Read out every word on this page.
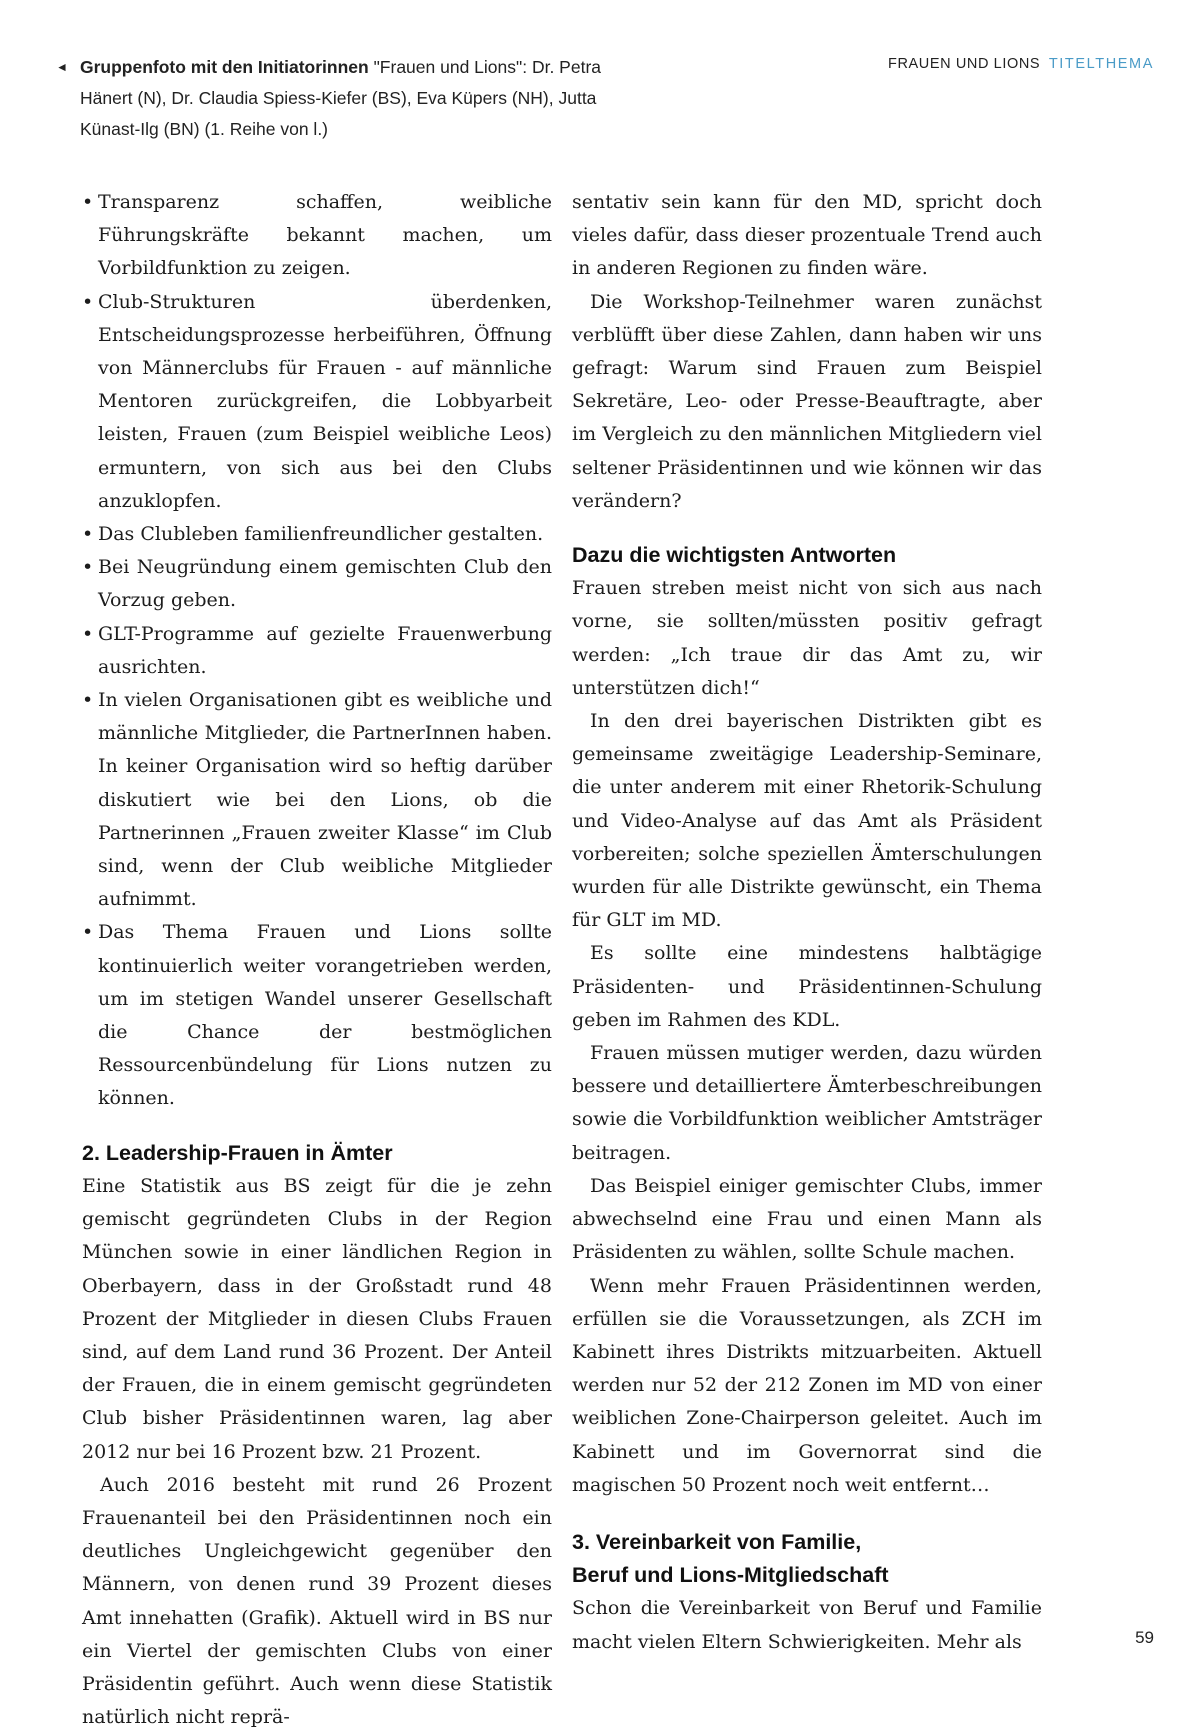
◄ Gruppenfoto mit den Initiatorinnen "Frauen und Lions": Dr. Petra Hänert (N), Dr. Claudia Spiess-Kiefer (BS), Eva Küpers (NH), Jutta Künast-Ilg (BN) (1. Reihe von l.)
FRAUEN UND LIONS TITELTHEMA
• Transparenz schaffen, weibliche Führungskräfte bekannt machen, um Vorbildfunktion zu zeigen.
• Club-Strukturen überdenken, Entscheidungsprozesse herbeiführen, Öffnung von Männerclubs für Frauen - auf männliche Mentoren zurückgreifen, die Lobbyarbeit leisten, Frauen (zum Beispiel weibliche Leos) ermuntern, von sich aus bei den Clubs anzuklopfen.
• Das Clubleben familienfreundlicher gestalten.
• Bei Neugründung einem gemischten Club den Vorzug geben.
• GLT-Programme auf gezielte Frauenwerbung ausrichten.
• In vielen Organisationen gibt es weibliche und männliche Mitglieder, die PartnerInnen haben. In keiner Organisation wird so heftig darüber diskutiert wie bei den Lions, ob die Partnerinnen „Frauen zweiter Klasse“ im Club sind, wenn der Club weibliche Mitglieder aufnimmt.
• Das Thema Frauen und Lions sollte kontinuierlich weiter vorangetrieben werden, um im stetigen Wandel unserer Gesellschaft die Chance der bestmöglichen Ressourcenbündelung für Lions nutzen zu können.
2. Leadership-Frauen in Ämter

Eine Statistik aus BS zeigt für die je zehn gemischt gegründeten Clubs in der Region München sowie in einer ländlichen Region in Oberbayern, dass in der Großstadt rund 48 Prozent der Mitglieder in diesen Clubs Frauen sind, auf dem Land rund 36 Prozent. Der Anteil der Frauen, die in einem gemischt gegründeten Club bisher Präsidentinnen waren, lag aber 2012 nur bei 16 Prozent bzw. 21 Prozent.

Auch 2016 besteht mit rund 26 Prozent Frauenanteil bei den Präsidentinnen noch ein deutliches Ungleichgewicht gegenüber den Männern, von denen rund 39 Prozent dieses Amt innehatten (Grafik). Aktuell wird in BS nur ein Viertel der gemischten Clubs von einer Präsidentin geführt. Auch wenn diese Statistik natürlich nicht reprä-

sentativ sein kann für den MD, spricht doch vieles dafür, dass dieser prozentuale Trend auch in anderen Regionen zu finden wäre.

Die Workshop-Teilnehmer waren zunächst verblüfft über diese Zahlen, dann haben wir uns gefragt: Warum sind Frauen zum Beispiel Sekretäre, Leo- oder Presse-Beauftragte, aber im Vergleich zu den männlichen Mitgliedern viel seltener Präsidentinnen und wie können wir das verändern?

Dazu die wichtigsten Antworten

Frauen streben meist nicht von sich aus nach vorne, sie sollten/müssten positiv gefragt werden: „Ich traue dir das Amt zu, wir unterstützen dich!“

In den drei bayerischen Distrikten gibt es gemeinsame zweitägige Leadership-Seminare, die unter anderem mit einer Rhetorik-Schulung und Video-Analyse auf das Amt als Präsident vorbereiten; solche speziellen Ämterschulungen wurden für alle Distrikte gewünscht, ein Thema für GLT im MD.

Es sollte eine mindestens halbtägige Präsidenten- und Präsidentinnen-Schulung geben im Rahmen des KDL.

Frauen müssen mutiger werden, dazu würden bessere und detailliertere Ämterbeschreibungen sowie die Vorbildfunktion weiblicher Amtsträger beitragen.

Das Beispiel einiger gemischter Clubs, immer abwechselnd eine Frau und einen Mann als Präsidenten zu wählen, sollte Schule machen.

Wenn mehr Frauen Präsidentinnen werden, erfüllen sie die Voraussetzungen, als ZCH im Kabinett ihres Distrikts mitzuarbeiten. Aktuell werden nur 52 der 212 Zonen im MD von einer weiblichen Zone-Chairperson geleitet. Auch im Kabinett und im Governorrat sind die magischen 50 Prozent noch weit entfernt…

3. Vereinbarkeit von Familie,
Beruf und Lions-Mitgliedschaft

Schon die Vereinbarkeit von Beruf und Familie macht vielen Eltern Schwierigkeiten. Mehr als	59
